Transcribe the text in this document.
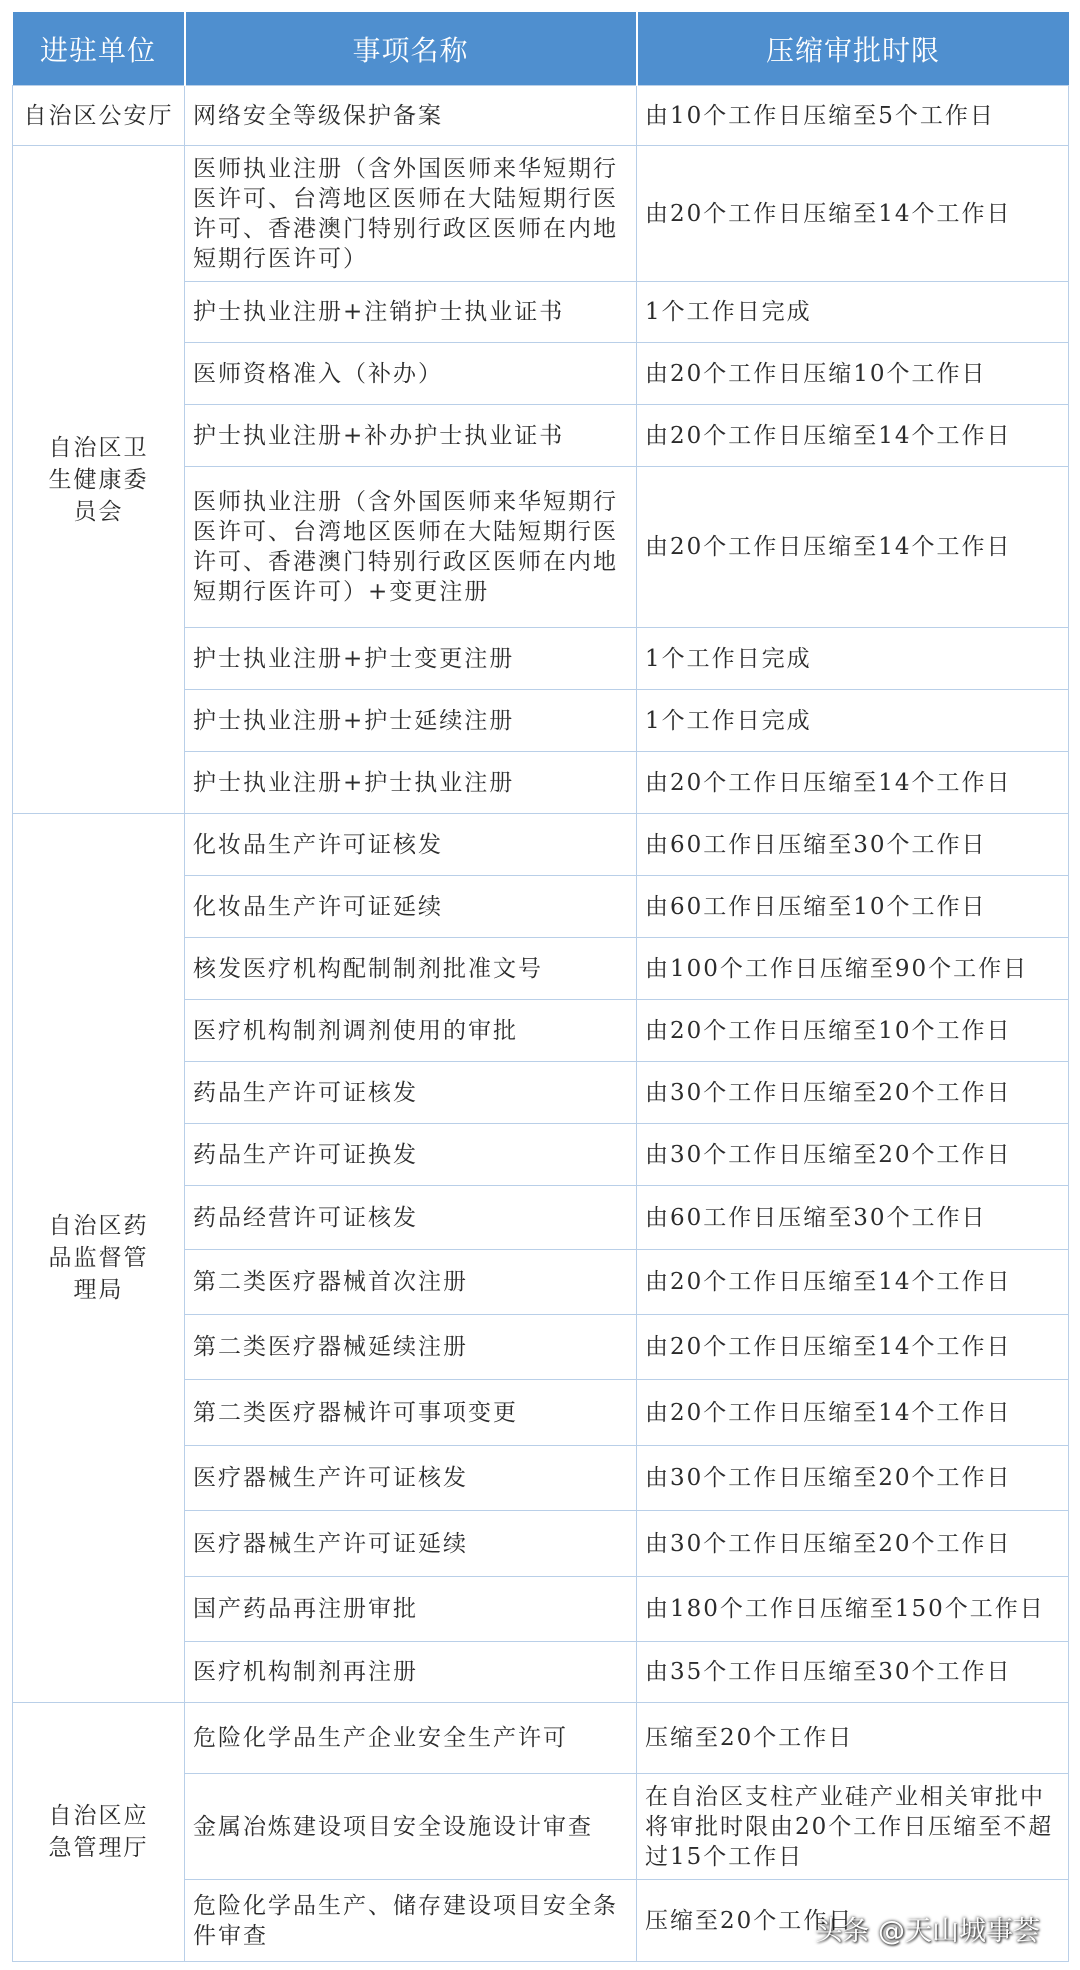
进驻单位	事项名称	压缩审批时限
自治区公安厅	网络安全等级保护备案	由10个工作日压缩至5个工作日
自治区卫生健康委员会	医师执业注册（含外国医师来华短期行医许可、台湾地区医师在大陆短期行医许可、香港澳门特别行政区医师在内地短期行医许可）	由20个工作日压缩至14个工作日
	护士执业注册+注销护士执业证书	1个工作日完成
	医师资格准入（补办）	由20个工作日压缩10个工作日
	护士执业注册+补办护士执业证书	由20个工作日压缩至14个工作日
	医师执业注册（含外国医师来华短期行医许可、台湾地区医师在大陆短期行医许可、香港澳门特别行政区医师在内地短期行医许可）+变更注册	由20个工作日压缩至14个工作日
	护士执业注册+护士变更注册	1个工作日完成
	护士执业注册+护士延续注册	1个工作日完成
	护士执业注册+护士执业注册	由20个工作日压缩至14个工作日
自治区药品监督管理局	化妆品生产许可证核发	由60工作日压缩至30个工作日
	化妆品生产许可证延续	由60工作日压缩至10个工作日
	核发医疗机构配制制剂批准文号	由100个工作日压缩至90个工作日
	医疗机构制剂调剂使用的审批	由20个工作日压缩至10个工作日
	药品生产许可证核发	由30个工作日压缩至20个工作日
	药品生产许可证换发	由30个工作日压缩至20个工作日
	药品经营许可证核发	由60工作日压缩至30个工作日
	第二类医疗器械首次注册	由20个工作日压缩至14个工作日
	第二类医疗器械延续注册	由20个工作日压缩至14个工作日
	第二类医疗器械许可事项变更	由20个工作日压缩至14个工作日
	医疗器械生产许可证核发	由30个工作日压缩至20个工作日
	医疗器械生产许可证延续	由30个工作日压缩至20个工作日
	国产药品再注册审批	由180个工作日压缩至150个工作日
	医疗机构制剂再注册	由35个工作日压缩至30个工作日
自治区应急管理厅	危险化学品生产企业安全生产许可	压缩至20个工作日
	金属冶炼建设项目安全设施设计审查	在自治区支柱产业硅产业相关审批中将审批时限由20个工作日压缩至不超过15个工作日
	危险化学品生产、储存建设项目安全条件审查	压缩至20个工作日
头条 @天山城事荟
